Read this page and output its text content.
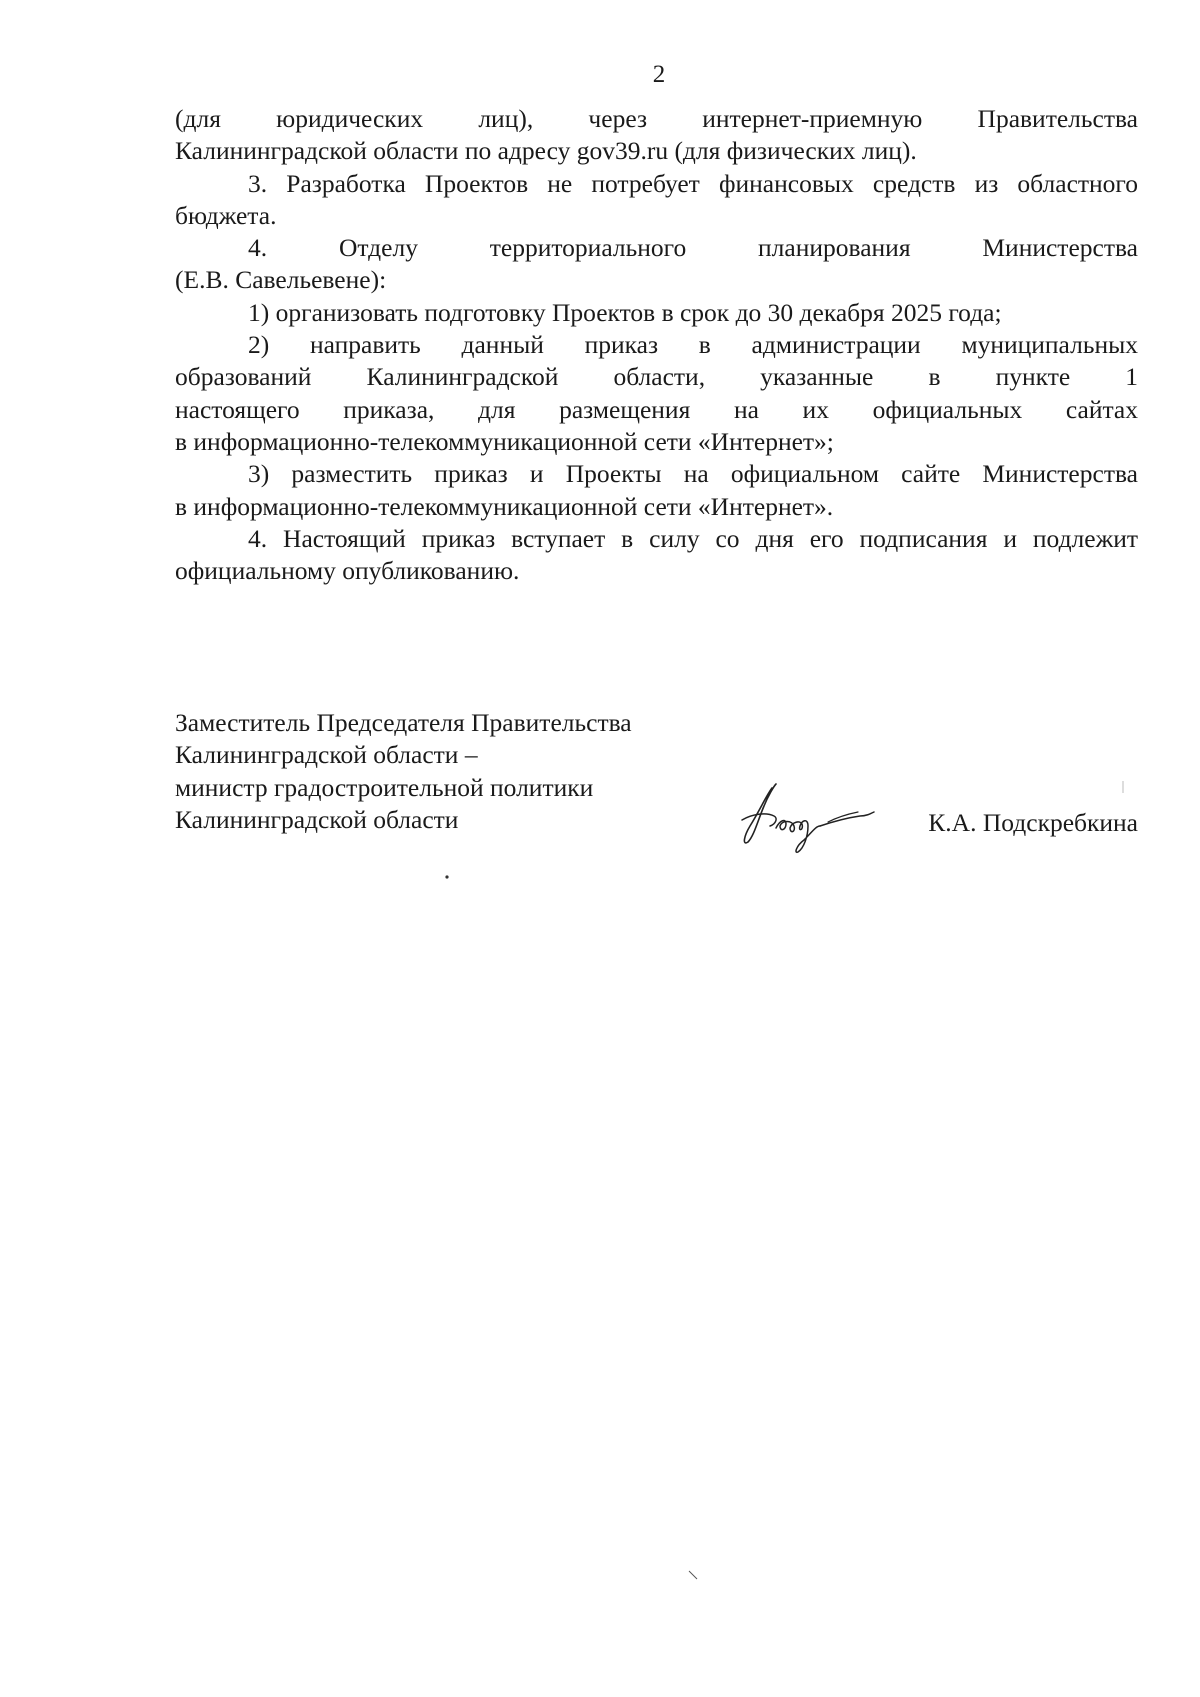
2

(для юридических лиц), через интернет-приемную Правительства

Калининградской области по адресу gov39.ru (для физических лиц).

3. Разработка Проектов не потребует финансовых средств из областного

бюджета.

4. Отделу территориального планирования Министерства

(Е.В. Савельевене):

1) организовать подготовку Проектов в срок до 30 декабря 2025 года;

2) направить данный приказ в администрации муниципальных

образований Калининградской области, указанные в пункте 1

настоящего приказа, для размещения на их официальных сайтах

в информационно-телекоммуникационной сети «Интернет»;

3) разместить приказ и Проекты на официальном сайте Министерства

в информационно-телекоммуникационной сети «Интернет».

4. Настоящий приказ вступает в силу со дня его подписания и подлежит

официальному опубликованию.

Заместитель Председателя Правительства
Калининградской области –
министр градостроительной политики
Калининградской области	К.А. Подскребкина
